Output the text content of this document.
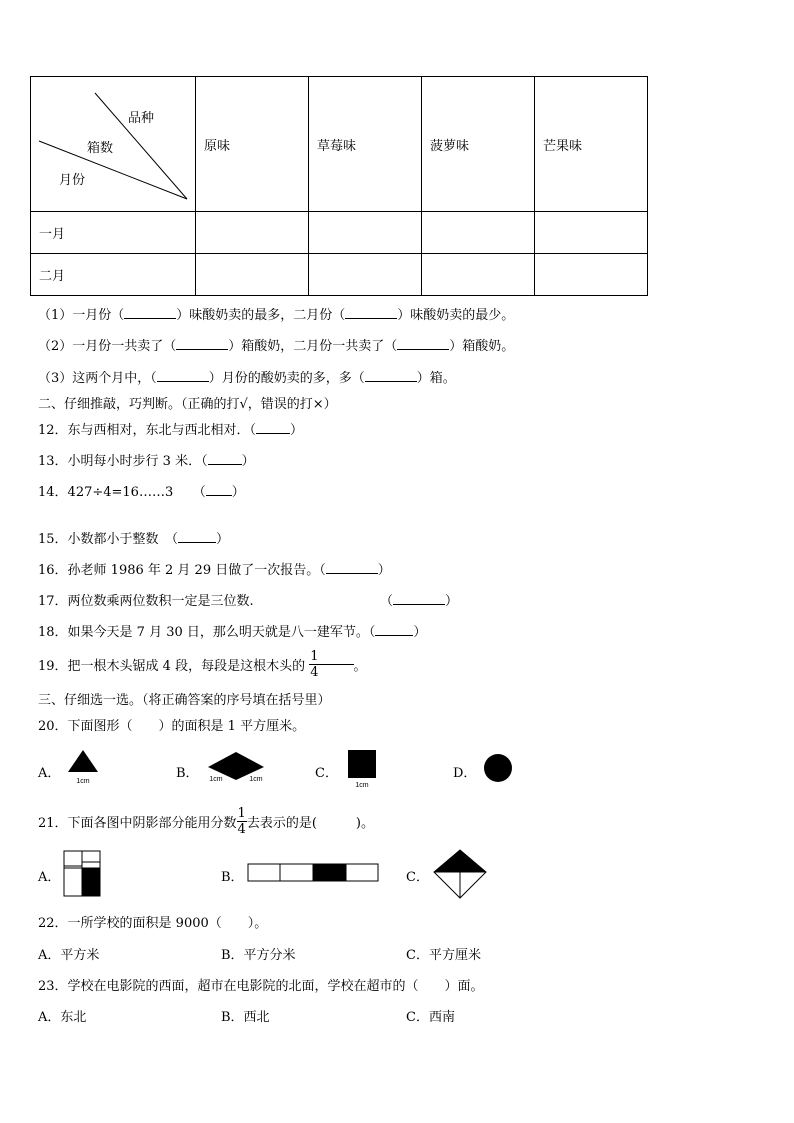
品种
箱数
月份	原味	草莓味	菠萝味	芒果味
一月				
二月				
（1）一月份（	）味酸奶卖的最多，二月份（	）味酸奶卖的最少。
（2）一月份一共卖了（	）箱酸奶，二月份一共卖了（	）箱酸奶。
（3）这两个月中，（	）月份的酸奶卖的多，多（	）箱。
二、仔细推敲，巧判断。（正确的打√，错误的打×）
12．东与西相对，东北与西北相对．（	）
13．小明每小时步行 3 米．（	）
14．427÷4=16……3　　（ ）
15．小数都小于整数　（	）
16．孙老师 1986 年 2 月 29 日做了一次报告。（	）
17．两位数乘两位数积一定是三位数.	（	）
18．如果今天是 7 月 30 日，那么明天就是八一建军节。（	）
19．把一根木头锯成 4 段，每段是这根木头的 $\frac{1}{4}$	。
三、仔细选一选。（将正确答案的序号填在括号里）
20．下面图形（　　）的面积是 1 平方厘米。
A．
1cm
B． 1cm	1cm	C．
1cm
D．
21．下面各图中阴影部分能用分数 $\frac{1}{4}$ 去表示的是(　　　)。
A．	B．	C．
22．一所学校的面积是 9000（　　）。
A．平方米	B．平方分米	C．平方厘米
23．学校在电影院的西面，超市在电影院的北面，学校在超市的（　　）面。
A．东北	B．西北	C．西南
